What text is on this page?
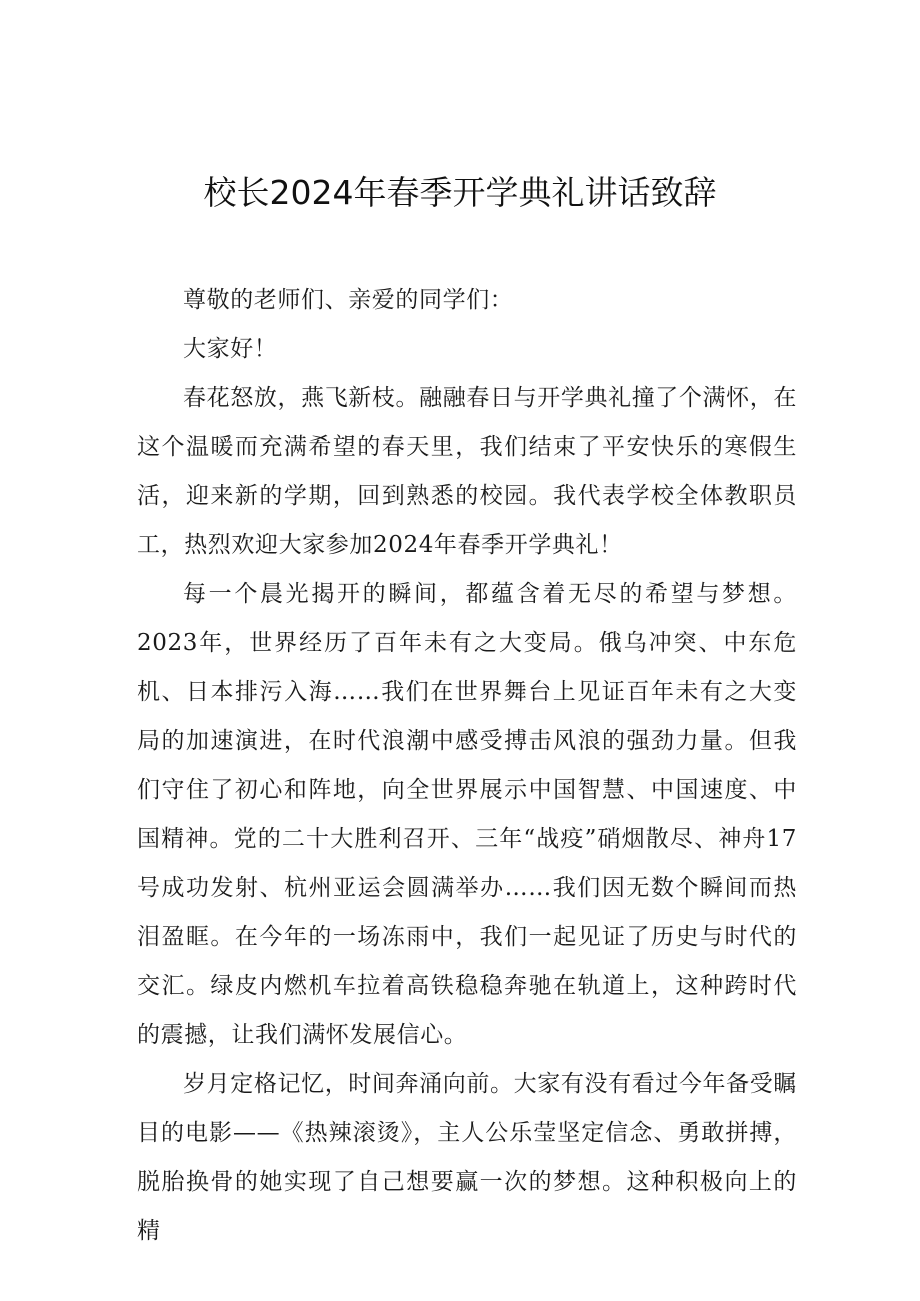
校长2024年春季开学典礼讲话致辞

尊敬的老师们、亲爱的同学们：

大家好！

春花怒放，燕飞新枝。融融春日与开学典礼撞了个满怀，在这个温暖而充满希望的春天里，我们结束了平安快乐的寒假生活，迎来新的学期，回到熟悉的校园。我代表学校全体教职员工，热烈欢迎大家参加2024年春季开学典礼！

每一个晨光揭开的瞬间，都蕴含着无尽的希望与梦想。2023年，世界经历了百年未有之大变局。俄乌冲突、中东危机、日本排污入海……我们在世界舞台上见证百年未有之大变局的加速演进，在时代浪潮中感受搏击风浪的强劲力量。但我们守住了初心和阵地，向全世界展示中国智慧、中国速度、中国精神。党的二十大胜利召开、三年“战疫”硝烟散尽、神舟17号成功发射、杭州亚运会圆满举办……我们因无数个瞬间而热泪盈眶。在今年的一场冻雨中，我们一起见证了历史与时代的交汇。绿皮内燃机车拉着高铁稳稳奔驰在轨道上，这种跨时代的震撼，让我们满怀发展信心。

岁月定格记忆，时间奔涌向前。大家有没有看过今年备受瞩目的电影——《热辣滚烫》，主人公乐莹坚定信念、勇敢拼搏，脱胎换骨的她实现了自己想要赢一次的梦想。这种积极向上的精
